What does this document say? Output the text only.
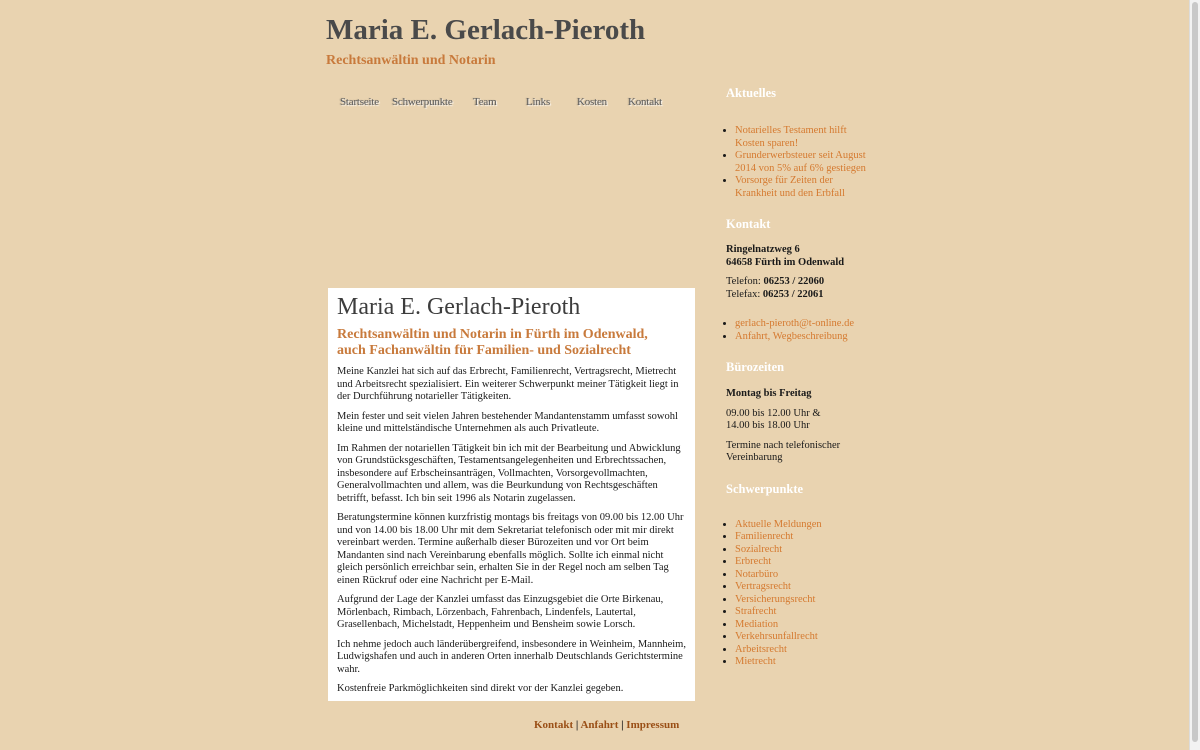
Maria E. Gerlach-Pieroth
Rechtsanwältin und Notarin
Startseite Schwerpunkte Team	Links Kosten Kontakt
Maria E. Gerlach-Pieroth
Rechtsanwältin und Notarin in Fürth im Odenwald,
auch Fachanwältin für Familien- und Sozialrecht

Meine Kanzlei hat sich auf das Erbrecht, Familienrecht, Vertragsrecht, Mietrecht und Arbeitsrecht spezialisiert. Ein weiterer Schwerpunkt meiner Tätigkeit liegt in der Durchführung notarieller Tätigkeiten.

Mein fester und seit vielen Jahren bestehender Mandantenstamm umfasst sowohl kleine und mittelständische Unternehmen als auch Privatleute.

Im Rahmen der notariellen Tätigkeit bin ich mit der Bearbeitung und Abwicklung von Grundstücksgeschäften, Testamentsangelegenheiten und Erbrechtssachen, insbesondere auf Erbscheinsanträgen, Vollmachten, Vorsorgevollmachten, Generalvollmachten und allem, was die Beurkundung von Rechtsgeschäften betrifft, befasst. Ich bin seit 1996 als Notarin zugelassen.

Beratungstermine können kurzfristig montags bis freitags von 09.00 bis 12.00 Uhr und von 14.00 bis 18.00 Uhr mit dem Sekretariat telefonisch oder mit mir direkt vereinbart werden. Termine außerhalb dieser Bürozeiten und vor Ort beim Mandanten sind nach Vereinbarung ebenfalls möglich. Sollte ich einmal nicht gleich persönlich erreichbar sein, erhalten Sie in der Regel noch am selben Tag einen Rückruf oder eine Nachricht per E-Mail.

Aufgrund der Lage der Kanzlei umfasst das Einzugsgebiet die Orte Birkenau, Mörlenbach, Rimbach, Lörzenbach, Fahrenbach, Lindenfels, Lautertal, Grasellenbach, Michelstadt, Heppenheim und Bensheim sowie Lorsch.

Ich nehme jedoch auch länderübergreifend, insbesondere in Weinheim, Mannheim, Ludwigshafen und auch in anderen Orten innerhalb Deutschlands Gerichtstermine wahr.

Kostenfreie Parkmöglichkeiten sind direkt vor der Kanzlei gegeben.

Kontakt | Anfahrt | Impressum
Aktuelles
• Notarielles Testament hilft Kosten sparen!
• Grunderwerbsteuer seit August 2014 von 5% auf 6% gestiegen
• Vorsorge für Zeiten der Krankheit und den Erbfall
Kontakt
Ringelnatzweg 6
64658 Fürth im Odenwald
Telefon: 06253 / 22060
Telefax: 06253 / 22061
• gerlach-pieroth@t-online.de
• Anfahrt, Wegbeschreibung
Bürozeiten
Montag bis Freitag
09.00 bis 12.00 Uhr &
14.00 bis 18.00 Uhr
Termine nach telefonischer Vereinbarung
Schwerpunkte
• Aktuelle Meldungen
• Familienrecht
• Sozialrecht
• Erbrecht
• Notarbüro
• Vertragsrecht
• Versicherungsrecht
• Strafrecht
• Mediation
• Verkehrsunfallrecht
• Arbeitsrecht
• Mietrecht
